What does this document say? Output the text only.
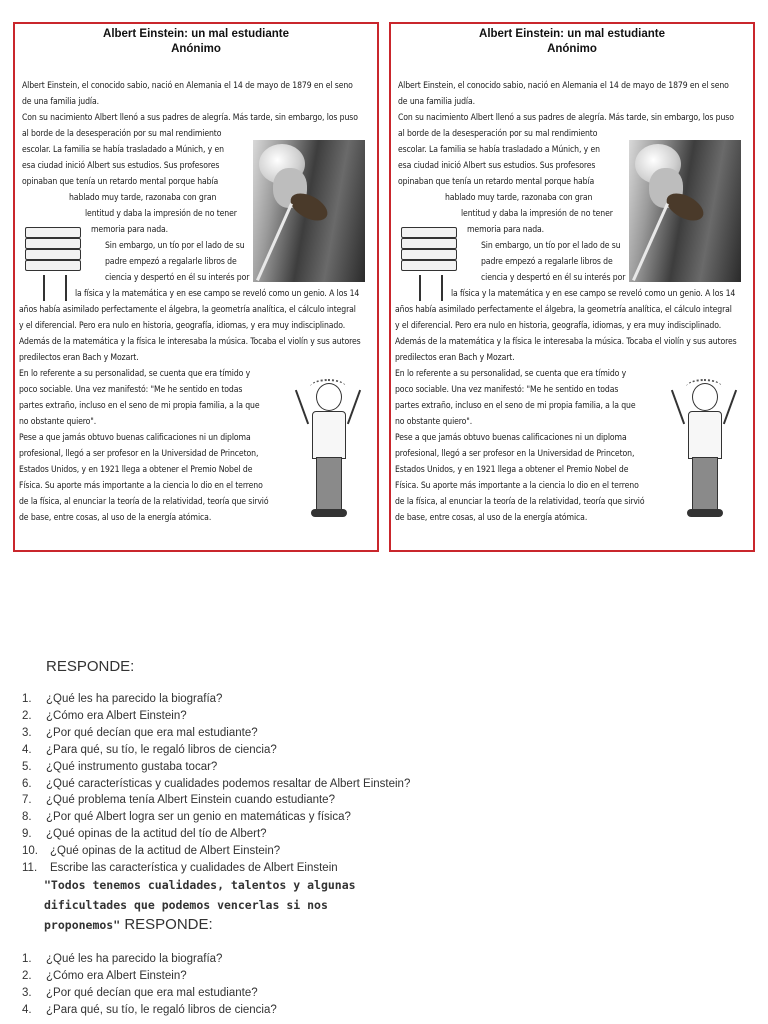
Albert Einstein: un mal estudiante
Anónimo
Albert Einstein, el conocido sabio, nació en Alemania el 14 de mayo de 1879 en el seno
de una familia judía.
Con su nacimiento Albert llenó a sus padres de alegría. Más tarde, sin embargo, los puso
al borde de la desesperación por su mal rendimiento
escolar. La familia se había trasladado a Múnich, y en
esa ciudad inició Albert sus estudios. Sus profesores
opinaban que tenía un retardo mental porque había
hablado muy tarde, razonaba con gran
lentitud y daba la impresión de no tener
memoria para nada.
Sin embargo, un tío por el lado de su
padre empezó a regalarle libros de
ciencia y despertó en él su interés por
la física y la matemática y en ese campo se reveló como un genio. A los 14
años había asimilado perfectamente el álgebra, la geometría analítica, el cálculo integral
y el diferencial. Pero era nulo en historia, geografía, idiomas, y era muy indisciplinado.
Además de la matemática y la física le interesaba la música. Tocaba el violín y sus autores
predilectos eran Bach y Mozart.
En lo referente a su personalidad, se cuenta que era tímido y
poco sociable. Una vez manifestó: "Me he sentido en todas
partes extraño, incluso en el seno de mi propia familia, a la que
no obstante quiero".
Pese a que jamás obtuvo buenas calificaciones ni un diploma
profesional, llegó a ser profesor en la Universidad de Princeton,
Estados Unidos, y en 1921 llega a obtener el Premio Nobel de
Física. Su aporte más importante a la ciencia lo dio en el terreno
de la física, al enunciar la teoría de la relatividad, teoría que sirvió
de base, entre cosas, al uso de la energía atómica.
Albert Einstein: un mal estudiante
Anónimo
Albert Einstein, el conocido sabio, nació en Alemania el 14 de mayo de 1879 en el seno
de una familia judía.
Con su nacimiento Albert llenó a sus padres de alegría. Más tarde, sin embargo, los puso
al borde de la desesperación por su mal rendimiento
escolar. La familia se había trasladado a Múnich, y en
esa ciudad inició Albert sus estudios. Sus profesores
opinaban que tenía un retardo mental porque había
hablado muy tarde, razonaba con gran
lentitud y daba la impresión de no tener
memoria para nada.
Sin embargo, un tío por el lado de su
padre empezó a regalarle libros de
ciencia y despertó en él su interés por
la física y la matemática y en ese campo se reveló como un genio. A los 14
años había asimilado perfectamente el álgebra, la geometría analítica, el cálculo integral
y el diferencial. Pero era nulo en historia, geografía, idiomas, y era muy indisciplinado.
Además de la matemática y la física le interesaba la música. Tocaba el violín y sus autores
predilectos eran Bach y Mozart.
En lo referente a su personalidad, se cuenta que era tímido y
poco sociable. Una vez manifestó: "Me he sentido en todas
partes extraño, incluso en el seno de mi propia familia, a la que
no obstante quiero".
Pese a que jamás obtuvo buenas calificaciones ni un diploma
profesional, llegó a ser profesor en la Universidad de Princeton,
Estados Unidos, y en 1921 llega a obtener el Premio Nobel de
Física. Su aporte más importante a la ciencia lo dio en el terreno
de la física, al enunciar la teoría de la relatividad, teoría que sirvió
de base, entre cosas, al uso de la energía atómica.
RESPONDE:
1. ¿Qué les ha parecido la biografía?
2. ¿Cómo era Albert Einstein?
3. ¿Por qué decían que era mal estudiante?
4. ¿Para qué, su tío, le regaló libros de ciencia?
5. ¿Qué instrumento gustaba tocar?
6. ¿Qué características y cualidades podemos resaltar de Albert Einstein?
7. ¿Qué problema tenía Albert Einstein cuando estudiante?
8. ¿Por qué Albert logra ser un genio en matemáticas y física?
9. ¿Qué opinas de la actitud del tío de Albert?
10. ¿Qué opinas de la actitud de Albert Einstein?
11. Escribe las característica y cualidades de Albert Einstein
"Todos tenemos cualidades, talentos y algunas
dificultades que podemos vencerlas si nos
proponemos" RESPONDE:
1. ¿Qué les ha parecido la biografía?
2. ¿Cómo era Albert Einstein?
3. ¿Por qué decían que era mal estudiante?
4. ¿Para qué, su tío, le regaló libros de ciencia?
